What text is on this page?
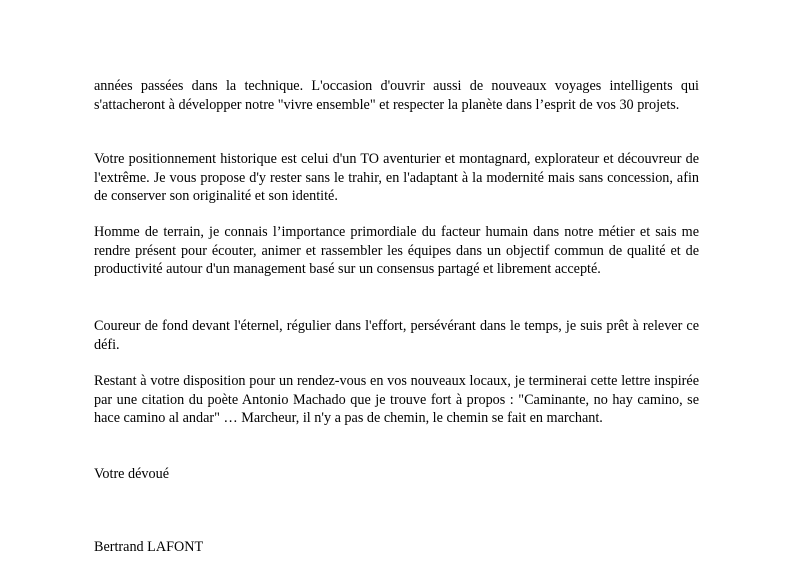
années passées dans la technique. L'occasion d'ouvrir aussi de nouveaux voyages intelligents qui s'attacheront à développer notre "vivre ensemble" et respecter la planète dans l’esprit de vos 30 projets.

Votre positionnement historique est celui d'un TO aventurier et montagnard, explorateur et découvreur de l'extrême. Je vous propose d'y rester sans le trahir, en l'adaptant à la modernité mais sans concession, afin de conserver son originalité et son identité.

Homme de terrain, je connais l’importance primordiale du facteur humain dans notre métier et sais me rendre présent pour écouter, animer et rassembler les équipes dans un objectif commun de qualité et de productivité autour d'un management basé sur un consensus partagé et librement accepté.

Coureur de fond devant l'éternel, régulier dans l'effort, persévérant dans le temps, je suis prêt à relever ce défi.

Restant à votre disposition pour un rendez-vous en vos nouveaux locaux, je terminerai cette lettre inspirée par une citation du poète Antonio Machado que je trouve fort à propos : "Caminante, no hay camino, se hace camino al andar" … Marcheur, il n'y a pas de chemin, le chemin se fait en marchant.

Votre dévoué

Bertrand LAFONT
